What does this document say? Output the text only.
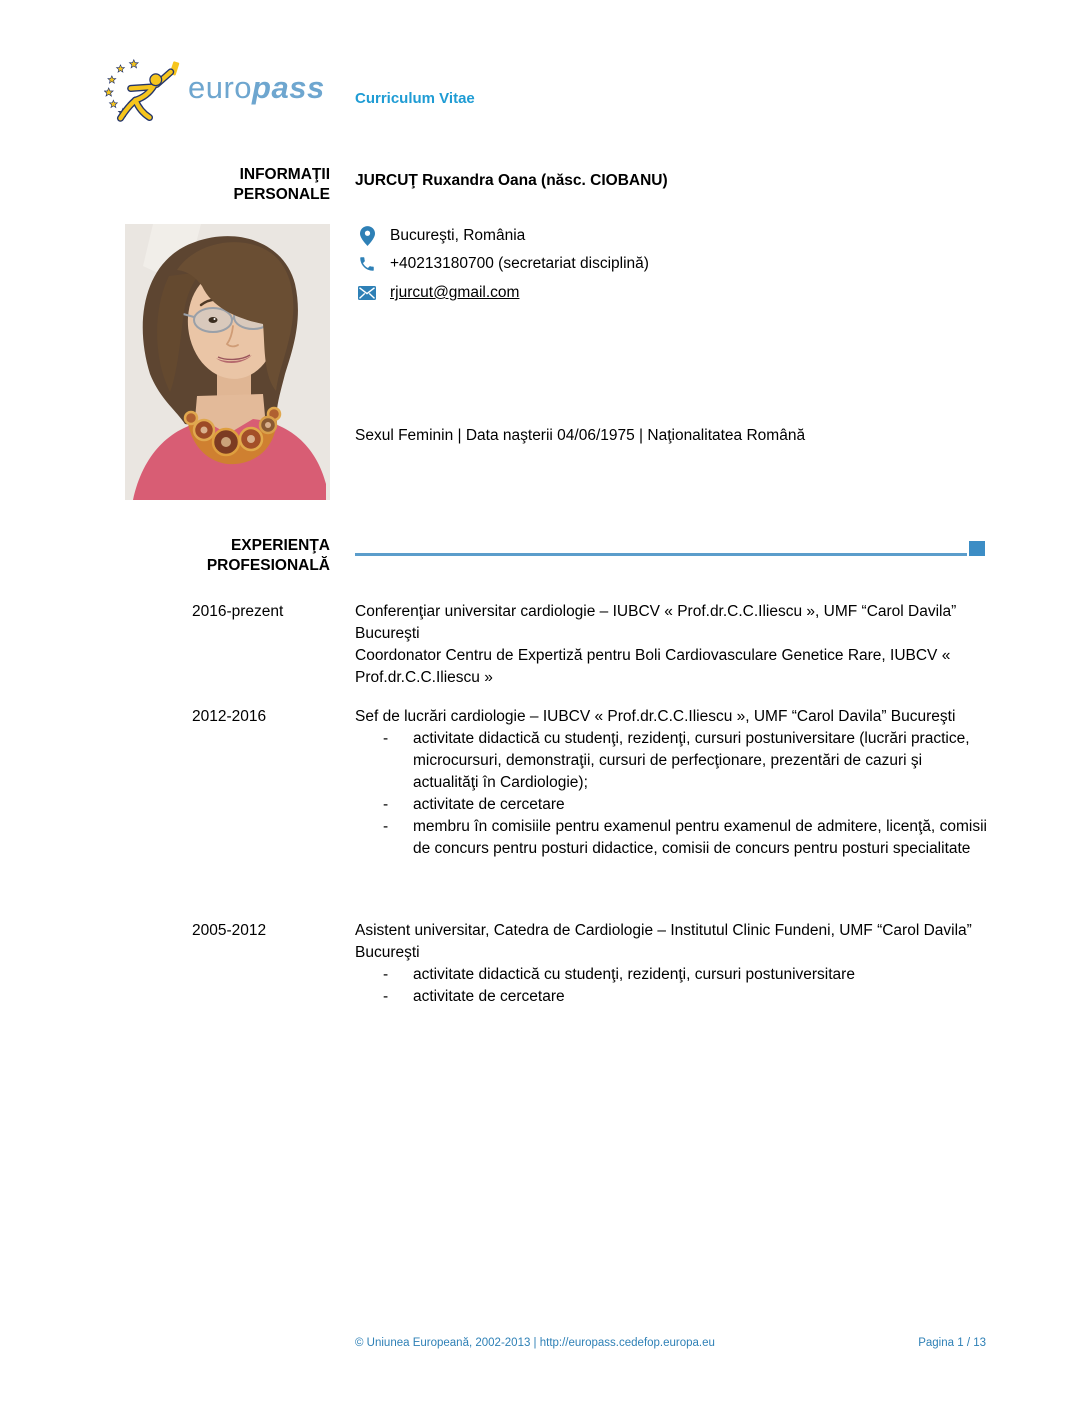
europass Curriculum Vitae
INFORMAŢII
PERSONALE
JURCUŢ Ruxandra Oana (născ. CIOBANU)
Bucureşti, România
+40213180700 (secretariat disciplină)
rjurcut@gmail.com
Sexul Feminin | Data naşterii 04/06/1975 | Naţionalitatea Română
EXPERIENŢA
PROFESIONALĂ
2016-prezent	Conferenţiar universitar cardiologie – IUBCV « Prof.dr.C.C.Iliescu », UMF “Carol Davila” Bucureşti

Coordonator Centru de Expertiză pentru Boli Cardiovasculare Genetice Rare, IUBCV « Prof.dr.C.C.Iliescu »

2012-2016	Sef de lucrări cardiologie – IUBCV « Prof.dr.C.C.Iliescu », UMF “Carol Davila” Bucureşti

-	activitate didactică cu studenţi, rezidenţi, cursuri postuniversitare (lucrări practice, microcursuri, demonstraţii, cursuri de perfecţionare, prezentări de cazuri şi actualităţi în Cardiologie);
-	activitate de cercetare
-	membru în comisiile pentru examenul pentru examenul de admitere, licenţă, comisii de concurs pentru posturi didactice, comisii de concurs pentru posturi specialitate
2005-2012	Asistent universitar, Catedra de Cardiologie – Institutul Clinic Fundeni, UMF “Carol Davila” Bucureşti

-	activitate didactică cu studenţi, rezidenţi, cursuri postuniversitare
-	activitate de cercetare
© Uniunea Europeană, 2002-2013 | http://europass.cedefop.europa.eu	Pagina 1 / 13
